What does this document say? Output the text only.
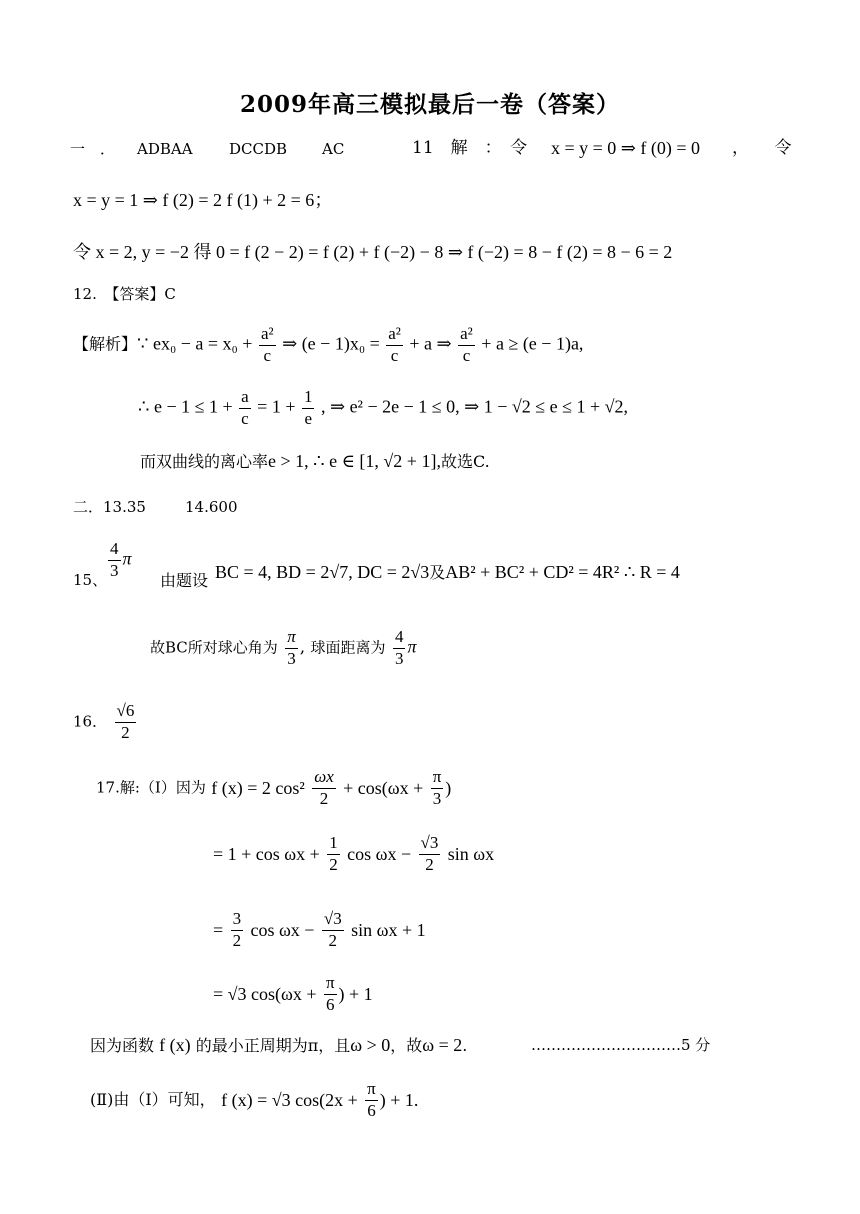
2009年高三模拟最后一卷（答案）
一　． ADBAA DCCDB AC	11　解　：　令 x = y = 0 ⇒ f (0) = 0 ，　　令
x = y = 1 ⇒ f (2) = 2 f (1) + 2 = 6；
令 x = 2, y = −2 得 0 = f (2 − 2) = f (2) + f (−2) − 8 ⇒ f (−2) = 8 − f (2) = 8 − 6 = 2
12.　【答案】C
【解析】∵ $ex_0 - a = x_0 + \frac{\text{a²}}{c}$ ⇒ $(e - 1)x_0 = \frac{\text{a²}}{c} + a$ ⇒ $\frac{\text{a²}}{c} + a \ge (e - 1)a$,
∴ $e - 1 \le 1 + \frac{a}{c} = 1 + \frac{1}{e}$ , ⇒ e² − 2e − 1 ≤ 0, ⇒ 1 − √2 ≤ e ≤ 1 + √2,
而双曲线的离心率e > 1, ∴ e ∈ [1, √2 + 1],故选C.
二．13.35	14.600
15、 $\frac{4}{3}$ π
由题设 BC = 4, BD = 2√7, DC = 2√3及AB² + BC² + CD² = 4R² ∴ R = 4
故BC所对球心角为 $\frac{\pi}{3}$ , 球面距离为 $\frac{4}{3}$ π
16． $\frac{√6}{2}$
17.解:（Ⅰ）因为 f (x) = 2 $\cos^2 \frac{\omega x}{2} + \cos(\omega x + \frac{\pi}{3}$ )
= $1 + \cos \omega x + \frac{1}{2}$ $\cos \omega x - \frac{√3}{2}$ sin ωx
= $\frac{3}{2}$ $\cos \omega x - \frac{√3}{2}$ sin ωx + 1
= √3 $\cos(\omega x + \frac{\pi}{6}$ ) + 1
因为函数 f (x) 的最小正周期为π，且ω > 0，故ω = 2.	…………………………5 分
(Ⅱ)由（Ⅰ）可知， f (x) = √3 $\cos(2x + \frac{\pi}{6}$ ) + 1.
